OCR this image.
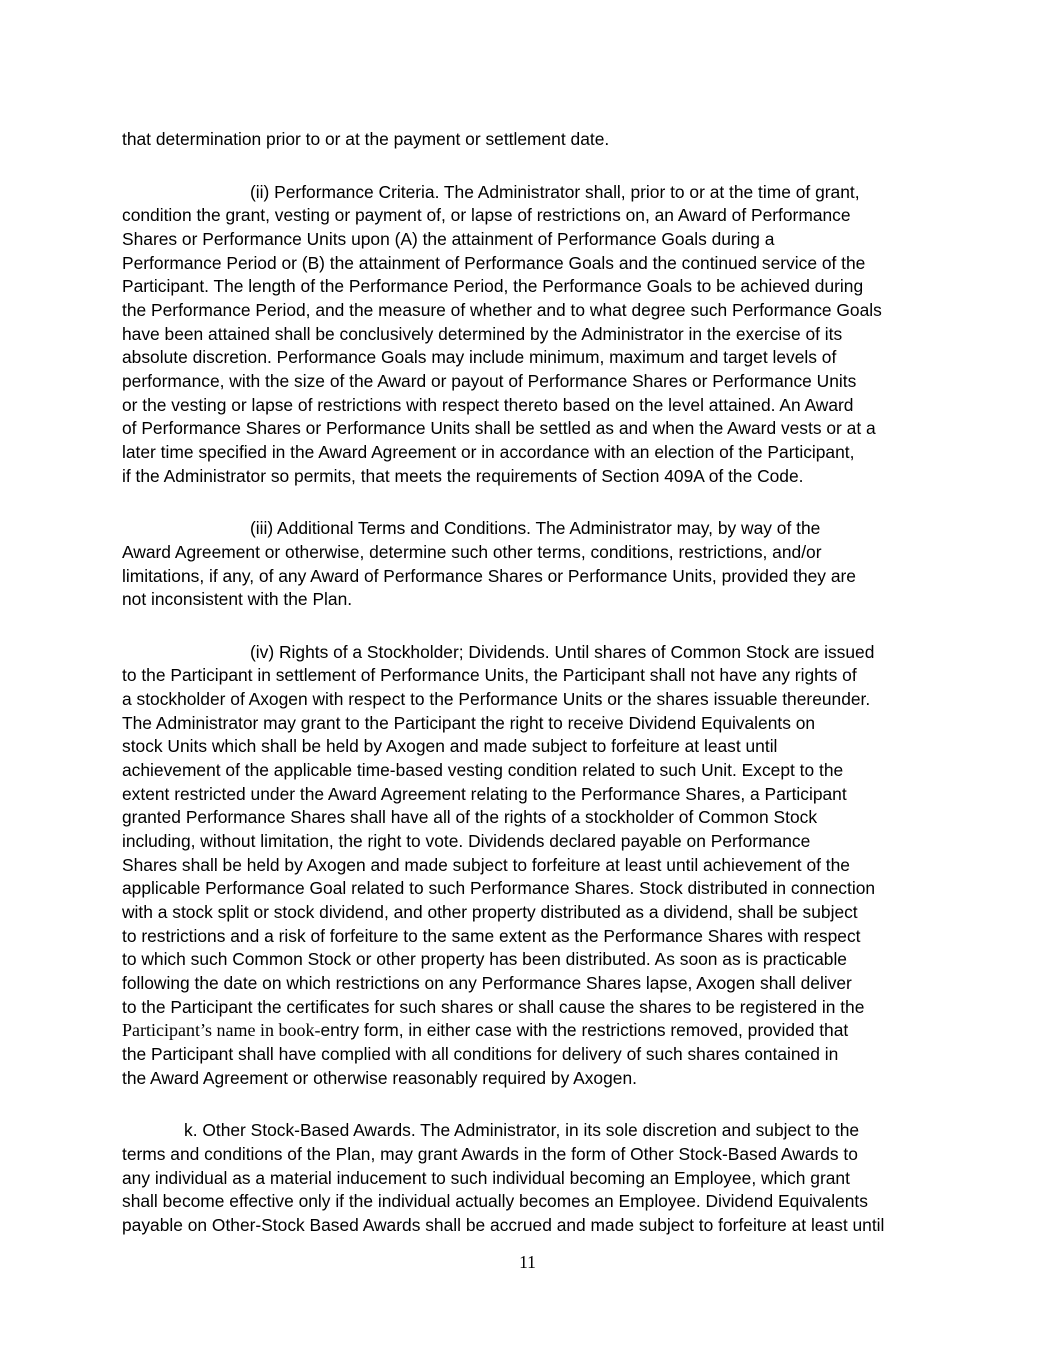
that determination prior to or at the payment or settlement date.

(ii) Performance Criteria. The Administrator shall, prior to or at the time of grant,
condition the grant, vesting or payment of, or lapse of restrictions on, an Award of Performance
Shares or Performance Units upon (A) the attainment of Performance Goals during a
Performance Period or (B) the attainment of Performance Goals and the continued service of the
Participant. The length of the Performance Period, the Performance Goals to be achieved during
the Performance Period, and the measure of whether and to what degree such Performance Goals
have been attained shall be conclusively determined by the Administrator in the exercise of its
absolute discretion. Performance Goals may include minimum, maximum and target levels of
performance, with the size of the Award or payout of Performance Shares or Performance Units
or the vesting or lapse of restrictions with respect thereto based on the level attained. An Award
of Performance Shares or Performance Units shall be settled as and when the Award vests or at a
later time specified in the Award Agreement or in accordance with an election of the Participant,
if the Administrator so permits, that meets the requirements of Section 409A of the Code.

(iii) Additional Terms and Conditions. The Administrator may, by way of the
Award Agreement or otherwise, determine such other terms, conditions, restrictions, and/or
limitations, if any, of any Award of Performance Shares or Performance Units, provided they are
not inconsistent with the Plan.

(iv) Rights of a Stockholder; Dividends. Until shares of Common Stock are issued
to the Participant in settlement of Performance Units, the Participant shall not have any rights of
a stockholder of Axogen with respect to the Performance Units or the shares issuable thereunder.
The Administrator may grant to the Participant the right to receive Dividend Equivalents on
stock Units which shall be held by Axogen and made subject to forfeiture at least until
achievement of the applicable time-based vesting condition related to such Unit. Except to the
extent restricted under the Award Agreement relating to the Performance Shares, a Participant
granted Performance Shares shall have all of the rights of a stockholder of Common Stock
including, without limitation, the right to vote. Dividends declared payable on Performance
Shares shall be held by Axogen and made subject to forfeiture at least until achievement of the
applicable Performance Goal related to such Performance Shares. Stock distributed in connection
with a stock split or stock dividend, and other property distributed as a dividend, shall be subject
to restrictions and a risk of forfeiture to the same extent as the Performance Shares with respect
to which such Common Stock or other property has been distributed. As soon as is practicable
following the date on which restrictions on any Performance Shares lapse, Axogen shall deliver
to the Participant the certificates for such shares or shall cause the shares to be registered in the
Participant’s name in book-entry form, in either case with the restrictions removed, provided that
the Participant shall have complied with all conditions for delivery of such shares contained in
the Award Agreement or otherwise reasonably required by Axogen.

k. Other Stock-Based Awards. The Administrator, in its sole discretion and subject to the
terms and conditions of the Plan, may grant Awards in the form of Other Stock-Based Awards to
any individual as a material inducement to such individual becoming an Employee, which grant
shall become effective only if the individual actually becomes an Employee. Dividend Equivalents
payable on Other-Stock Based Awards shall be accrued and made subject to forfeiture at least until

11
